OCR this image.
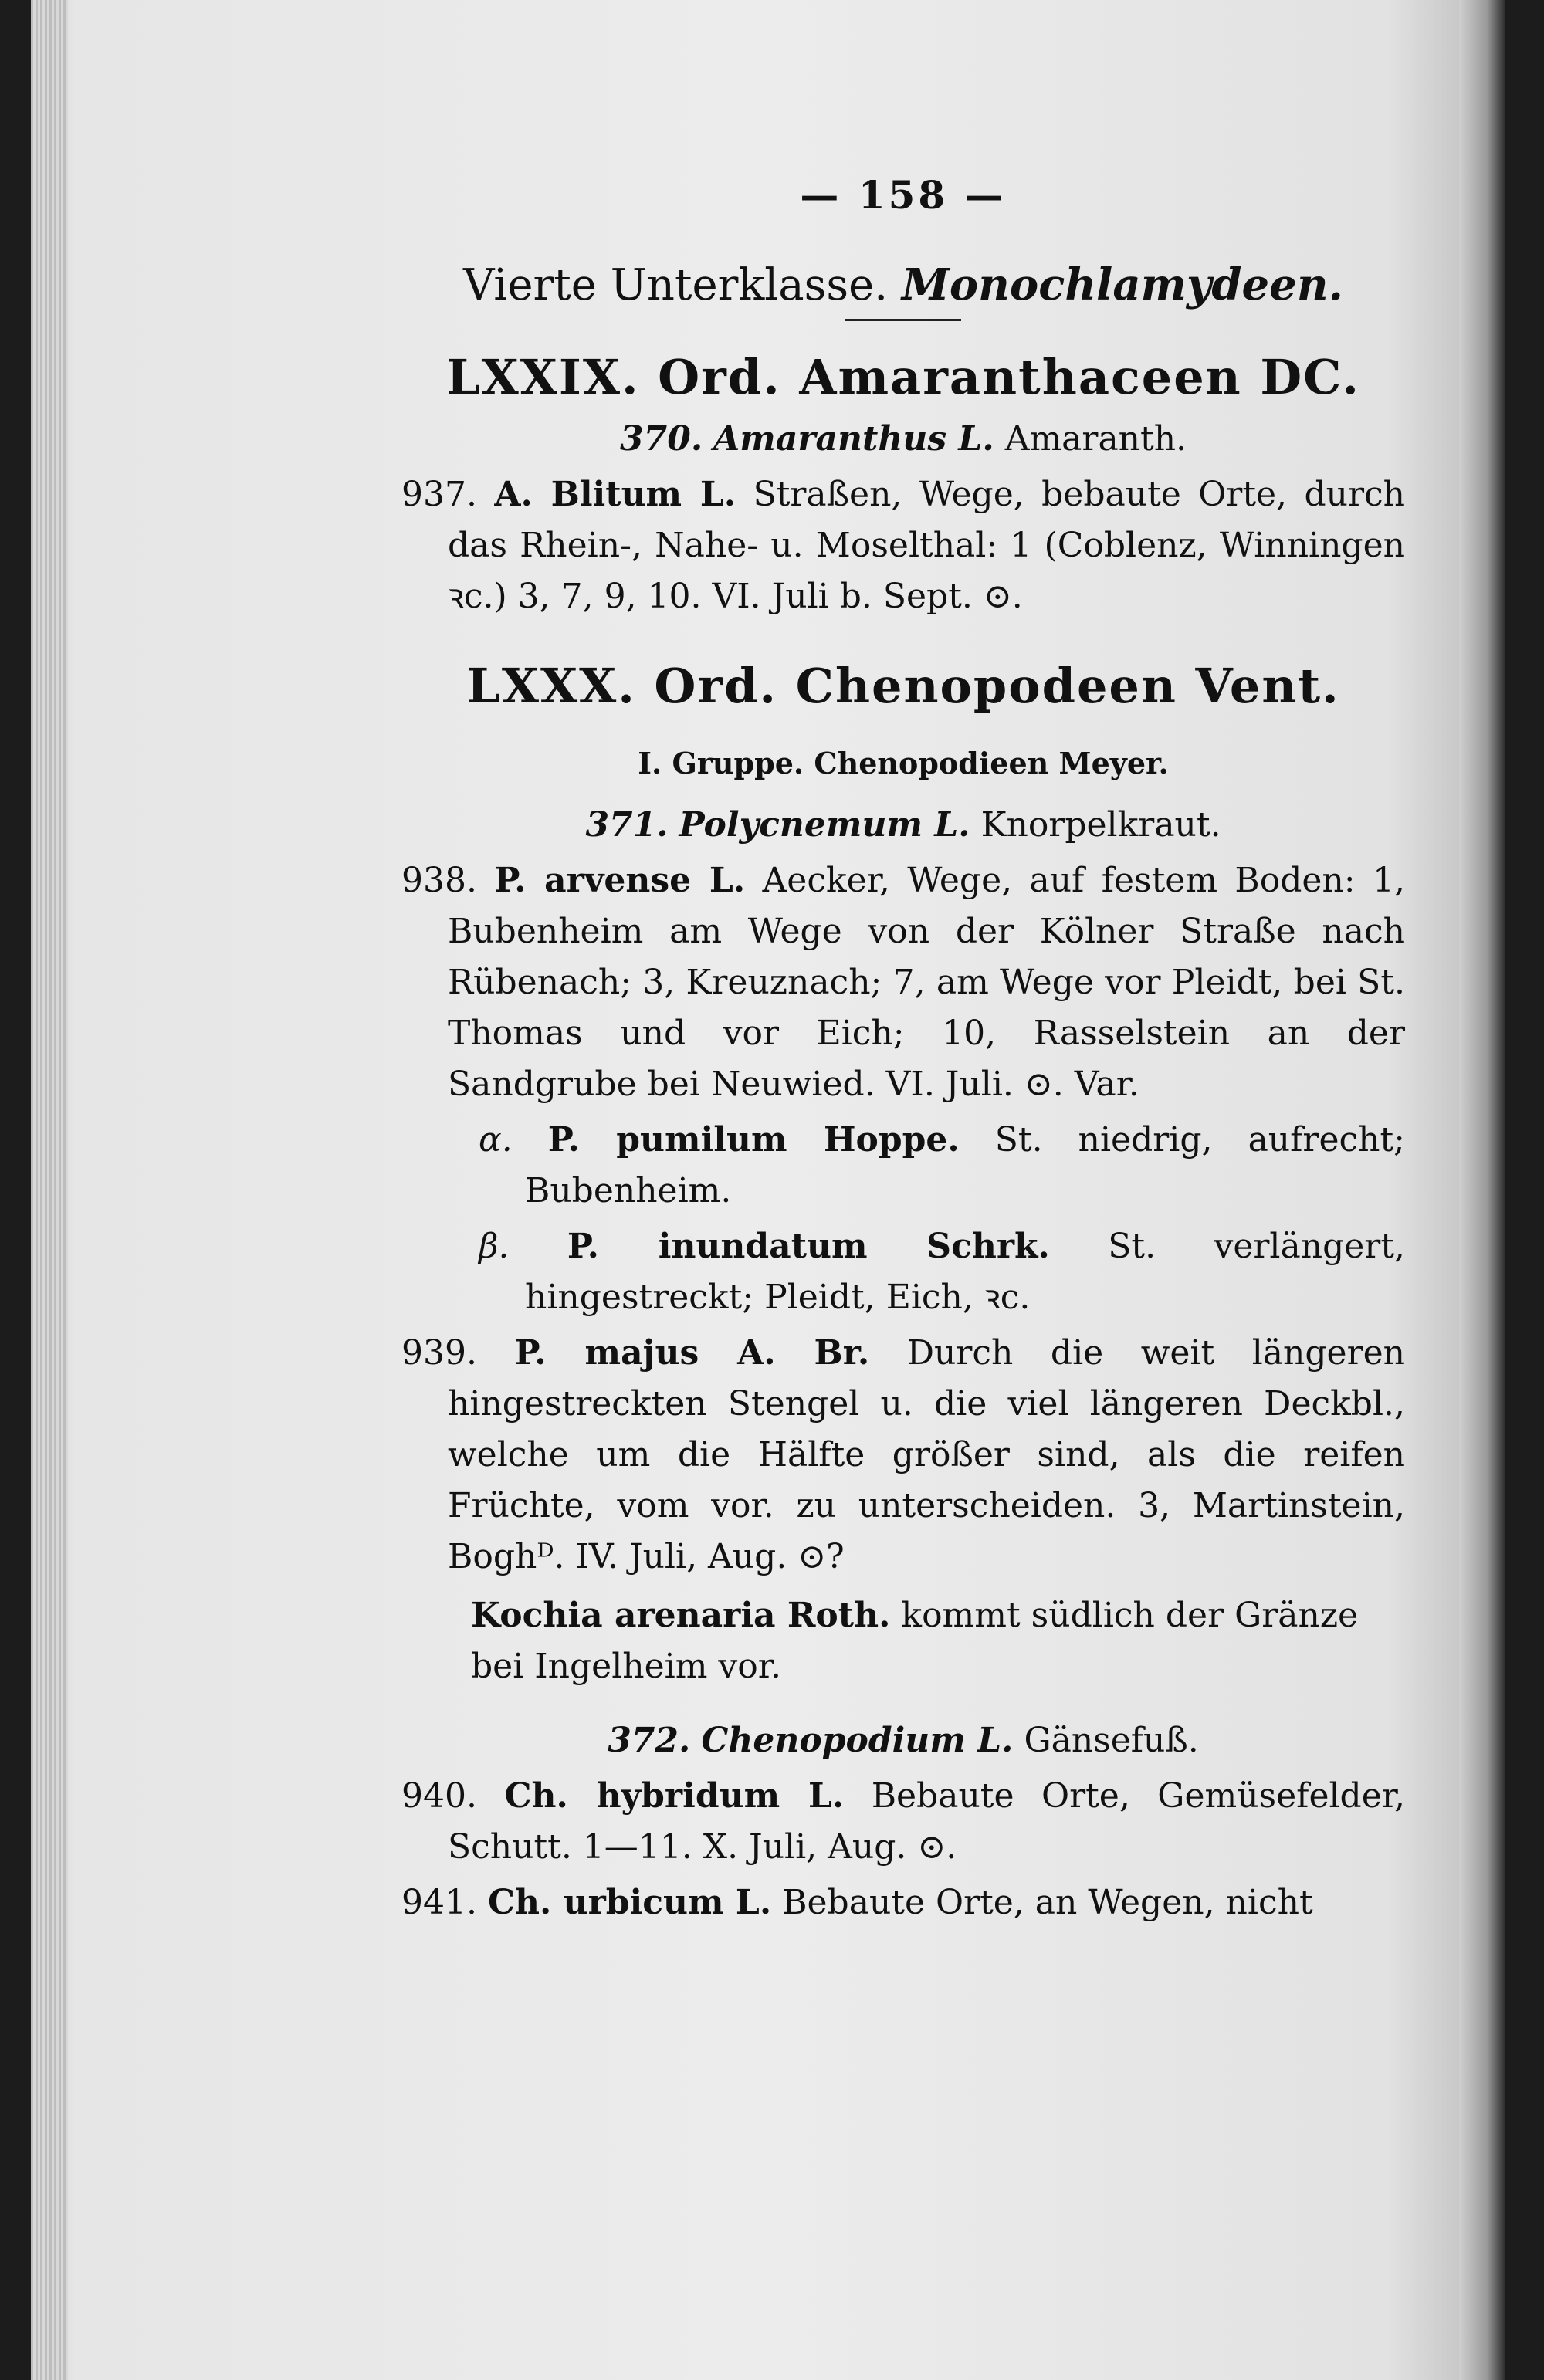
— 158 —
Vierte Unterklasse. Monochlamydeen.
LXXIX. Ord. Amaranthaceen DC.
370. Amaranthus L. Amaranth.
937. A. Blitum L. Straßen, Wege, bebaute Orte, durch das Rhein-, Nahe- u. Moselthal: 1 (Coblenz, Winningen ꝛc.) 3, 7, 9, 10. VI. Juli b. Sept. ⊙.
LXXX. Ord. Chenopodeen Vent.
I. Gruppe. Chenopodieen Meyer.
371. Polycnemum L. Knorpelkraut.
938. P. arvense L. Aecker, Wege, auf festem Boden: 1, Bubenheim am Wege von der Kölner Straße nach Rübenach; 3, Kreuznach; 7, am Wege vor Pleidt, bei St. Thomas und vor Eich; 10, Rasselstein an der Sandgrube bei Neuwied. VI. Juli. ⊙. Var.
α. P. pumilum Hoppe. St. niedrig, aufrecht; Bubenheim.
β. P. inundatum Schrk. St. verlängert, hingestreckt; Pleidt, Eich, ꝛc.
939. P. majus A. Br. Durch die weit längeren hingestreckten Stengel u. die viel längeren Deckbl., welche um die Hälfte größer sind, als die reifen Früchte, vom vor. zu unterscheiden. 3, Martinstein, Boghᴰ. IV. Juli, Aug. ⊙?
Kochia arenaria Roth. kommt südlich der Gränze bei Ingelheim vor.
372. Chenopodium L. Gänsefuß.
940. Ch. hybridum L. Bebaute Orte, Gemüsefelder, Schutt. 1—11. X. Juli, Aug. ⊙.
941. Ch. urbicum L. Bebaute Orte, an Wegen, nicht
